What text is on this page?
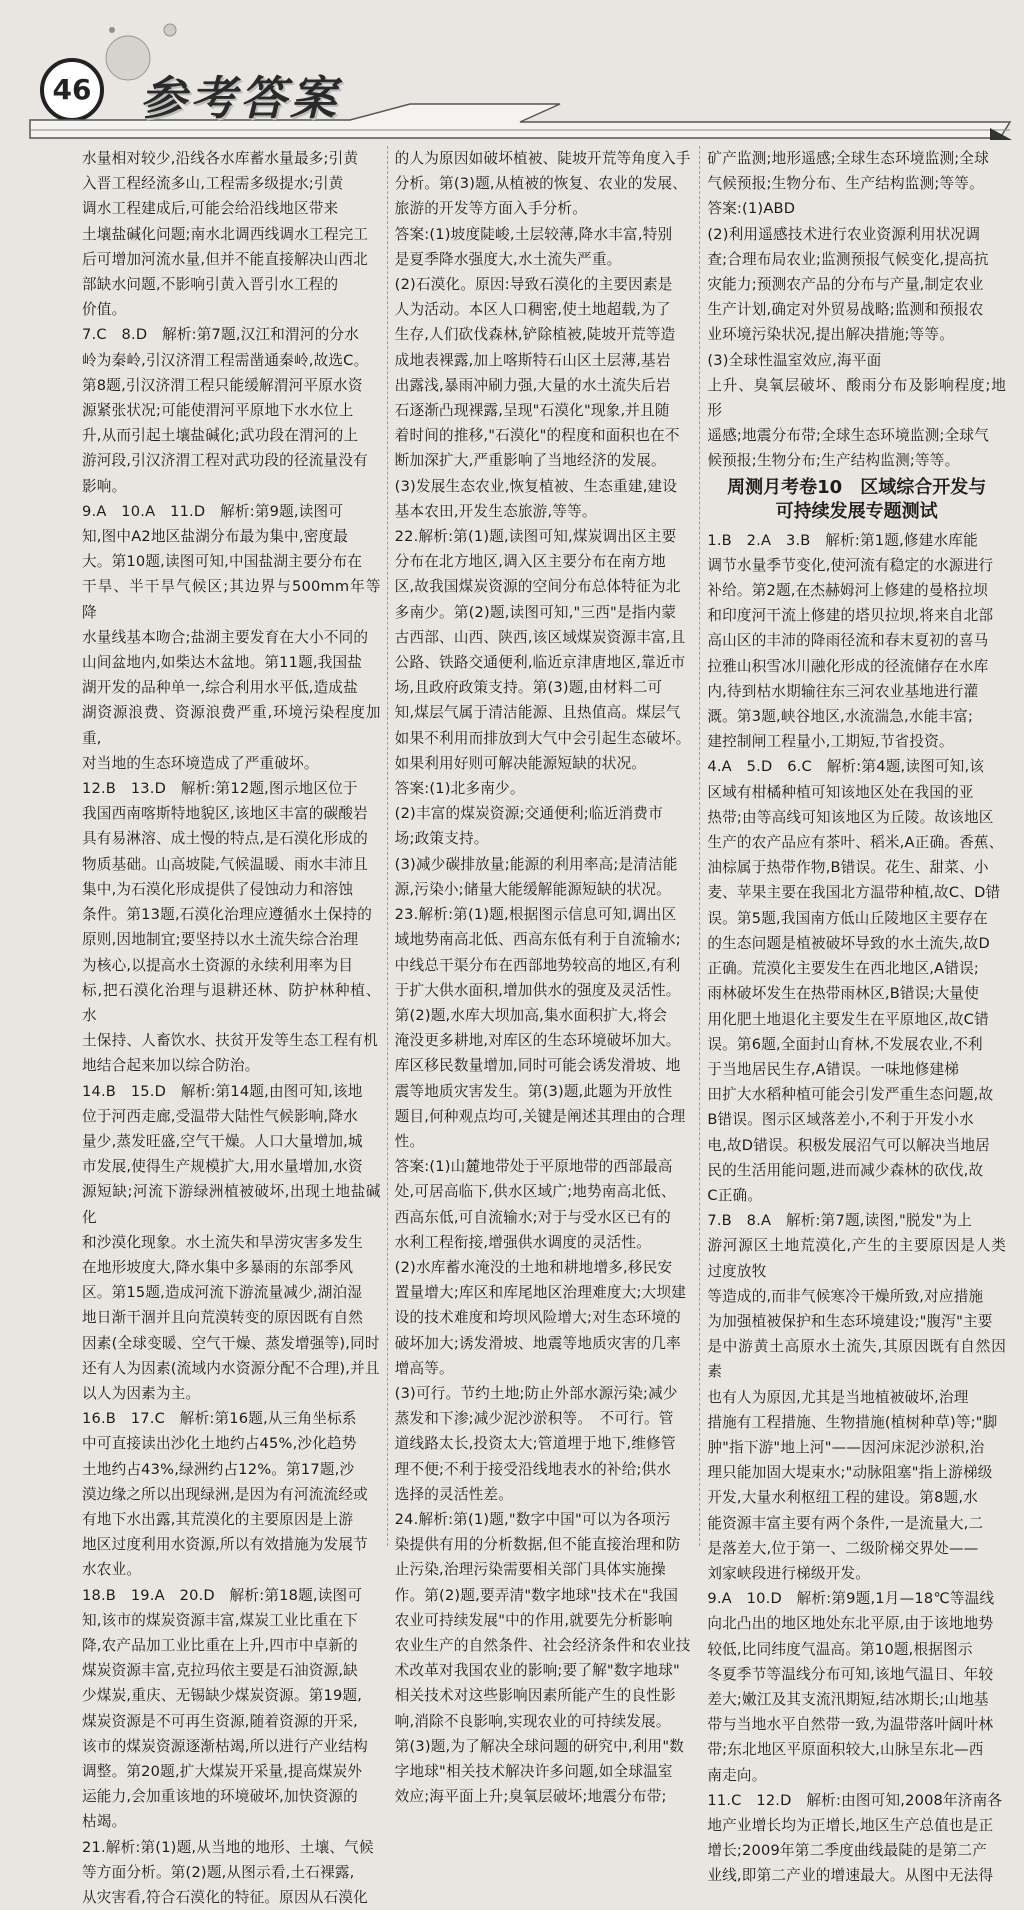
46 参考答案

水量相对较少,沿线各水库蓄水量最多;引黄
入晋工程经流多山,工程需多级提水;引黄
调水工程建成后,可能会给沿线地区带来
土壤盐碱化问题;南水北调西线调水工程完工
后可增加河流水量,但并不能直接解决山西北
部缺水问题,不影响引黄入晋引水工程的
价值。
7.C　8.D　解析:第7题,汉江和渭河的分水
岭为秦岭,引汉济渭工程需凿通秦岭,故选C。
第8题,引汉济渭工程只能缓解渭河平原水资
源紧张状况;可能使渭河平原地下水水位上
升,从而引起土壤盐碱化;武功段在渭河的上
游河段,引汉济渭工程对武功段的径流量没有
影响。
9.A　10.A　11.D　解析:第9题,读图可
知,图中A2地区盐湖分布最为集中,密度最
大。第10题,读图可知,中国盐湖主要分布在
干旱、半干旱气候区;其边界与500mm年等降
水量线基本吻合;盐湖主要发育在大小不同的
山间盆地内,如柴达木盆地。第11题,我国盐
湖开发的品种单一,综合利用水平低,造成盐
湖资源浪费、资源浪费严重,环境污染程度加重,
对当地的生态环境造成了严重破坏。
12.B　13.D　解析:第12题,图示地区位于
我国西南喀斯特地貌区,该地区丰富的碳酸岩
具有易淋溶、成土慢的特点,是石漠化形成的
物质基础。山高坡陡,气候温暖、雨水丰沛且
集中,为石漠化形成提供了侵蚀动力和溶蚀
条件。第13题,石漠化治理应遵循水土保持的
原则,因地制宜;要坚持以水土流失综合治理
为核心,以提高水土资源的永续利用率为目
标,把石漠化治理与退耕还林、防护林种植、水
土保持、人畜饮水、扶贫开发等生态工程有机
地结合起来加以综合防治。
14.B　15.D　解析:第14题,由图可知,该地
位于河西走廊,受温带大陆性气候影响,降水
量少,蒸发旺盛,空气干燥。人口大量增加,城
市发展,使得生产规模扩大,用水量增加,水资
源短缺;河流下游绿洲植被破坏,出现土地盐碱化
和沙漠化现象。水土流失和旱涝灾害多发生
在地形坡度大,降水集中多暴雨的东部季风
区。第15题,造成河流下游流量减少,湖泊湿
地日渐干涸并且向荒漠转变的原因既有自然
因素(全球变暖、空气干燥、蒸发增强等),同时
还有人为因素(流域内水资源分配不合理),并且
以人为因素为主。
16.B　17.C　解析:第16题,从三角坐标系
中可直接读出沙化土地约占45%,沙化趋势
土地约占43%,绿洲约占12%。第17题,沙
漠边缘之所以出现绿洲,是因为有河流流经或
有地下水出露,其荒漠化的主要原因是上游
地区过度利用水资源,所以有效措施为发展节
水农业。
18.B　19.A　20.D　解析:第18题,读图可
知,该市的煤炭资源丰富,煤炭工业比重在下
降,农产品加工业比重在上升,四市中卓新的
煤炭资源丰富,克拉玛依主要是石油资源,缺
少煤炭,重庆、无锡缺少煤炭资源。第19题,
煤炭资源是不可再生资源,随着资源的开采,
该市的煤炭资源逐渐枯竭,所以进行产业结构
调整。第20题,扩大煤炭开采量,提高煤炭外
运能力,会加重该地的环境破坏,加快资源的
枯竭。
21.解析:第(1)题,从当地的地形、土壤、气候
等方面分析。第(2)题,从图示看,土石裸露,
从灾害看,符合石漠化的特征。原因从石漠化

的人为原因如破坏植被、陡坡开荒等角度入手
分析。第(3)题,从植被的恢复、农业的发展、
旅游的开发等方面入手分析。
答案:(1)坡度陡峻,土层较薄,降水丰富,特别
是夏季降水强度大,水土流失严重。
(2)石漠化。原因:导致石漠化的主要因素是
人为活动。本区人口稠密,使土地超载,为了
生存,人们砍伐森林,铲除植被,陡坡开荒等造
成地表裸露,加上喀斯特石山区土层薄,基岩
出露浅,暴雨冲刷力强,大量的水土流失后岩
石逐渐凸现裸露,呈现"石漠化"现象,并且随
着时间的推移,"石漠化"的程度和面积也在不
断加深扩大,严重影响了当地经济的发展。
(3)发展生态农业,恢复植被、生态重建,建设
基本农田,开发生态旅游,等等。
22.解析:第(1)题,读图可知,煤炭调出区主要
分布在北方地区,调入区主要分布在南方地
区,故我国煤炭资源的空间分布总体特征为北
多南少。第(2)题,读图可知,"三西"是指内蒙
古西部、山西、陕西,该区域煤炭资源丰富,且
公路、铁路交通便利,临近京津唐地区,靠近市
场,且政府政策支持。第(3)题,由材料二可
知,煤层气属于清洁能源、且热值高。煤层气
如果不利用而排放到大气中会引起生态破坏。
如果利用好则可解决能源短缺的状况。
答案:(1)北多南少。
(2)丰富的煤炭资源;交通便利;临近消费市
场;政策支持。
(3)减少碳排放量;能源的利用率高;是清洁能
源,污染小;储量大能缓解能源短缺的状况。
23.解析:第(1)题,根据图示信息可知,调出区
域地势南高北低、西高东低有利于自流输水;
中线总干渠分布在西部地势较高的地区,有利
于扩大供水面积,增加供水的强度及灵活性。
第(2)题,水库大坝加高,集水面积扩大,将会
淹没更多耕地,对库区的生态环境破坏加大。
库区移民数量增加,同时可能会诱发滑坡、地
震等地质灾害发生。第(3)题,此题为开放性
题目,何种观点均可,关键是阐述其理由的合理
性。
答案:(1)山麓地带处于平原地带的西部最高
处,可居高临下,供水区域广;地势南高北低、
西高东低,可自流输水;对于与受水区已有的
水利工程衔接,增强供水调度的灵活性。
(2)水库蓄水淹没的土地和耕地增多,移民安
置量增大;库区和库尾地区治理难度大;大坝建
设的技术难度和垮坝风险增大;对生态环境的
破坏加大;诱发滑坡、地震等地质灾害的几率
增高等。
(3)可行。节约土地;防止外部水源污染;减少
蒸发和下渗;减少泥沙淤积等。　不可行。管
道线路太长,投资太大;管道埋于地下,维修管
理不便;不利于接受沿线地表水的补给;供水
选择的灵活性差。
24.解析:第(1)题,"数字中国"可以为各项污
染提供有用的分析数据,但不能直接治理和防
止污染,治理污染需要相关部门具体实施操
作。第(2)题,要弄清"数字地球"技术在"我国
农业可持续发展"中的作用,就要先分析影响
农业生产的自然条件、社会经济条件和农业技
术改革对我国农业的影响;要了解"数字地球"
相关技术对这些影响因素所能产生的良性影
响,消除不良影响,实现农业的可持续发展。
第(3)题,为了解决全球问题的研究中,利用"数
字地球"相关技术解决许多问题,如全球温室
效应;海平面上升;臭氧层破坏;地震分布带;

矿产监测;地形遥感;全球生态环境监测;全球
气候预报;生物分布、生产结构监测;等等。
答案:(1)ABD
(2)利用遥感技术进行农业资源利用状况调
查;合理布局农业;监测预报气候变化,提高抗
灾能力;预测农产品的分布与产量,制定农业
生产计划,确定对外贸易战略;监测和预报农
业环境污染状况,提出解决措施;等等。
(3)全球性温室效应,海平面
上升、臭氧层破坏、酸雨分布及影响程度;地形
遥感;地震分布带;全球生态环境监测;全球气
候预报;生物分布;生产结构监测;等等。

周测月考卷10　区域综合开发与
可持续发展专题测试

1.B　2.A　3.B　解析:第1题,修建水库能
调节水量季节变化,使河流有稳定的水源进行
补给。第2题,在杰赫姆河上修建的曼格拉坝
和印度河干流上修建的塔贝拉坝,将来自北部
高山区的丰沛的降雨径流和春末夏初的喜马
拉雅山积雪冰川融化形成的径流储存在水库
内,待到枯水期输往东三河农业基地进行灌
溉。第3题,峡谷地区,水流湍急,水能丰富;
建控制闸工程量小,工期短,节省投资。
4.A　5.D　6.C　解析:第4题,读图可知,该
区域有柑橘种植可知该地区处在我国的亚
热带;由等高线可知该地区为丘陵。故该地区
生产的农产品应有茶叶、稻米,A正确。香蕉、
油棕属于热带作物,B错误。花生、甜菜、小
麦、苹果主要在我国北方温带种植,故C、D错
误。第5题,我国南方低山丘陵地区主要存在
的生态问题是植被破坏导致的水土流失,故D
正确。荒漠化主要发生在西北地区,A错误;
雨林破坏发生在热带雨林区,B错误;大量使
用化肥土地退化主要发生在平原地区,故C错
误。第6题,全面封山育林,不发展农业,不利
于当地居民生存,A错误。一味地修建梯
田扩大水稻种植可能会引发严重生态问题,故
B错误。图示区域落差小,不利于开发小水
电,故D错误。积极发展沼气可以解决当地居
民的生活用能问题,进而减少森林的砍伐,故
C正确。
7.B　8.A　解析:第7题,读图,"脱发"为上
游河源区土地荒漠化,产生的主要原因是人类过度放牧
等造成的,而非气候寒冷干燥所致,对应措施
为加强植被保护和生态环境建设;"腹泻"主要
是中游黄土高原水土流失,其原因既有自然因素
也有人为原因,尤其是当地植被破坏,治理
措施有工程措施、生物措施(植树种草)等;"脚
肿"指下游"地上河"——因河床泥沙淤积,治
理只能加固大堤束水;"动脉阻塞"指上游梯级
开发,大量水利枢纽工程的建设。第8题,水
能资源丰富主要有两个条件,一是流量大,二
是落差大,位于第一、二级阶梯交界处——
刘家峡段进行梯级开发。
9.A　10.D　解析:第9题,1月—18℃等温线
向北凸出的地区地处东北平原,由于该地地势
较低,比同纬度气温高。第10题,根据图示
冬夏季节等温线分布可知,该地气温日、年较
差大;嫩江及其支流汛期短,结冰期长;山地基
带与当地水平自然带一致,为温带落叶阔叶林
带;东北地区平原面积较大,山脉呈东北—西
南走向。
11.C　12.D　解析:由图可知,2008年济南各
地产业增长均为正增长,地区生产总值也是正
增长;2009年第二季度曲线最陡的是第二产
业线,即第二产业的增速最大。从图中无法得
